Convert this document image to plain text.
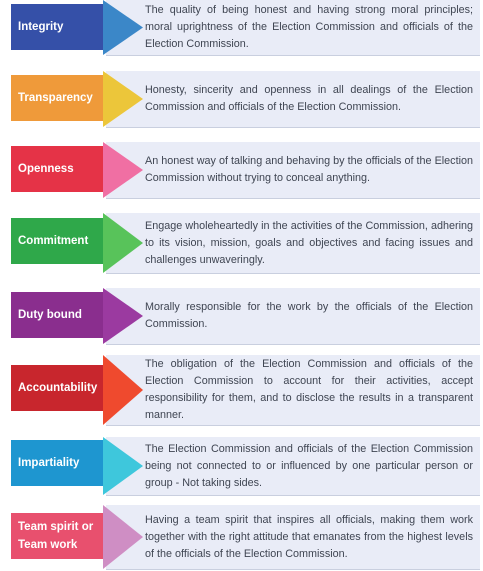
Integrity
The quality of being honest and having strong moral principles; moral uprightness of the Election Commission and officials of the Election Commission.
Transparency
Honesty, sincerity and openness in all dealings of the Election Commission and officials of the Election Commission.
Openness
An honest way of talking and behaving by the officials of the Election Commission without trying to conceal anything.
Commitment
Engage wholeheartedly in the activities of the Commission, adhering to its vision, mission, goals and objectives and facing issues and challenges unwaveringly.
Duty bound
Morally responsible for the work by the officials of the Election Commission.
Accountability
The obligation of the Election Commission and officials of the Election Commission to account for their activities, accept responsibility for them, and to disclose the results in a transparent manner.
Impartiality
The Election Commission and officials of the Election Commission being not connected to or influenced by one particular person or group - Not taking sides.
Team spirit or Team work
Having a team spirit that inspires all officials, making them work together with the right attitude that emanates from the highest levels of the officials of the Election Commission.
